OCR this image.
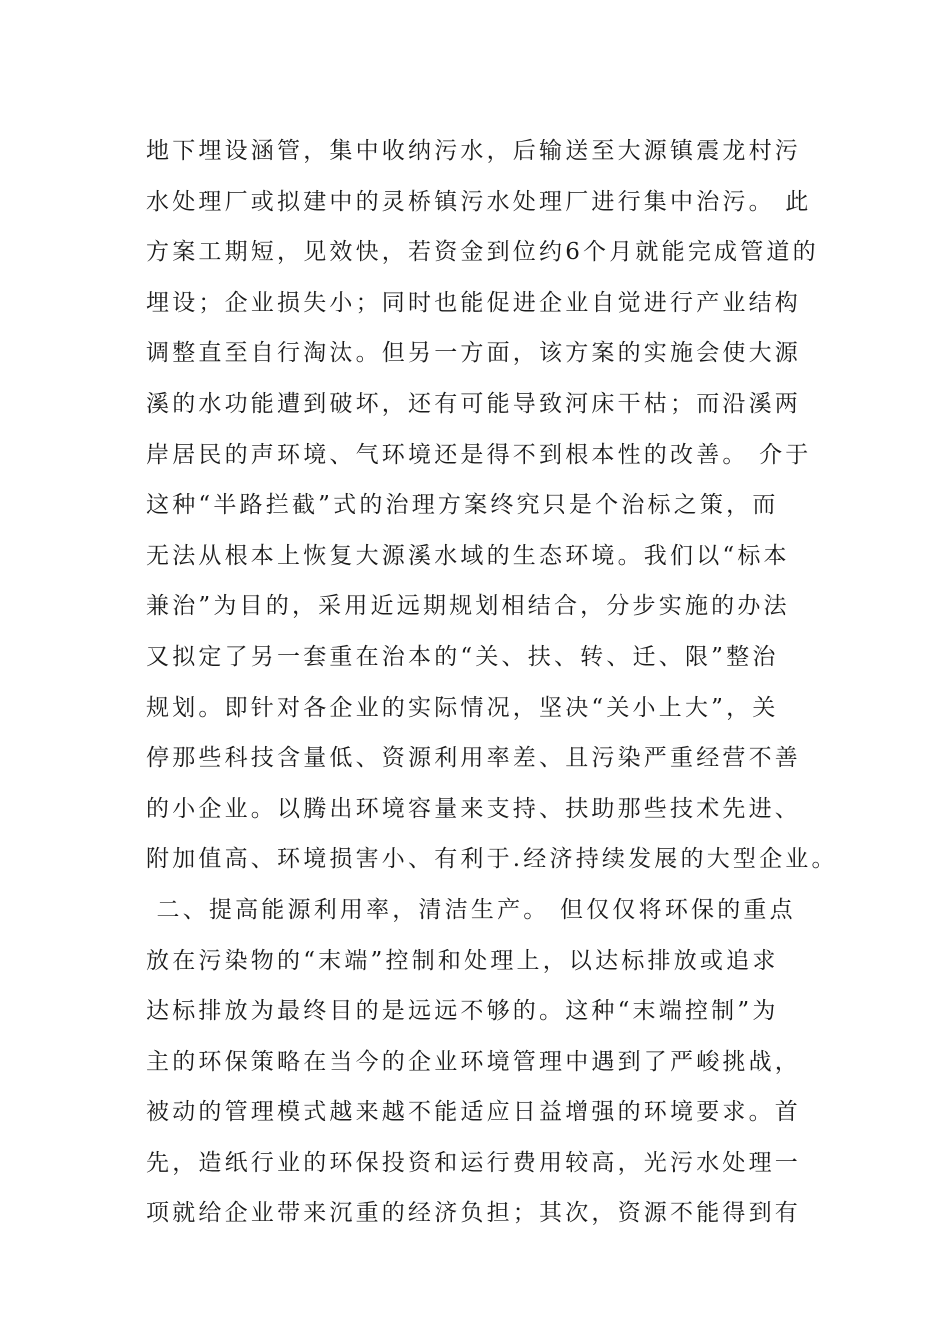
地下埋设涵管，集中收纳污水，后输送至大源镇震龙村污
水处理厂或拟建中的灵桥镇污水处理厂进行集中治污。 此
方案工期短，见效快，若资金到位约6个月就能完成管道的
埋设；企业损失小；同时也能促进企业自觉进行产业结构
调整直至自行淘汰。但另一方面，该方案的实施会使大源
溪的水功能遭到破坏，还有可能导致河床干枯；而沿溪两
岸居民的声环境、气环境还是得不到根本性的改善。 介于
这种“半路拦截”式的治理方案终究只是个治标之策，而
无法从根本上恢复大源溪水域的生态环境。我们以“标本
兼治”为目的，采用近远期规划相结合，分步实施的办法
又拟定了另一套重在治本的“关、扶、转、迁、限”整治
规划。即针对各企业的实际情况，坚决“关小上大”，关
停那些科技含量低、资源利用率差、且污染严重经营不善
的小企业。以腾出环境容量来支持、扶助那些技术先进、
附加值高、环境损害小、有利于.经济持续发展的大型企业。
二、提高能源利用率，清洁生产。 但仅仅将环保的重点
放在污染物的“末端”控制和处理上，以达标排放或追求
达标排放为最终目的是远远不够的。这种“末端控制”为
主的环保策略在当今的企业环境管理中遇到了严峻挑战，
被动的管理模式越来越不能适应日益增强的环境要求。首
先，造纸行业的环保投资和运行费用较高，光污水处理一
项就给企业带来沉重的经济负担；其次，资源不能得到有
